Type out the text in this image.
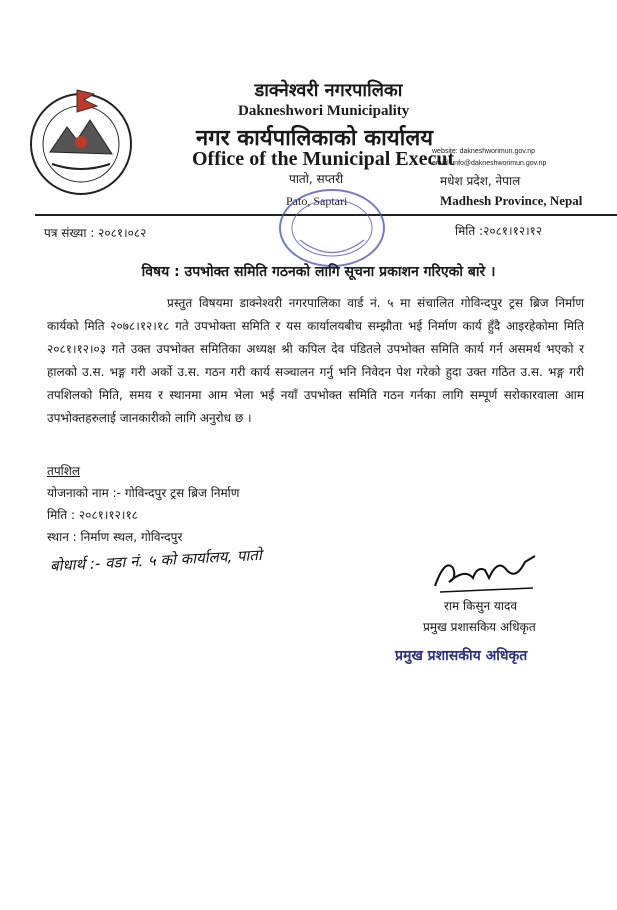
डाक्नेश्वरी नगरपालिका
Dakneshwori Municipality
नगर कार्यपालिकाको कार्यालय
Office of the Municipal Execut
website: dakneshworimun.gov.np
email :info@dakneshworimun.gov.np
पातो, सप्तरी
Pato, Saptari
मधेश प्रदेश, नेपाल
Madhesh Province, Nepal
पत्र संख्या : २०८१।०८२	मिति :२०८१।१२।१२
विषय : उपभोक्त समिति गठनको लागि सूचना प्रकाशन गरिएको बारे ।
प्रस्तुत विषयमा डाक्नेश्वरी नगरपालिका वार्ड नं. ५ मा संचालित गोविन्दपुर ट्रस ब्रिज निर्माण कार्यको मिति २०७८।१२।१८ गते उपभोक्ता समिति र यस कार्यालयबीच सम्झौता भई निर्माण कार्य हुँदै आइरहेकोमा मिति २०८१।१२।०३ गते उक्त उपभोक्त समितिका अध्यक्ष श्री कपिल देव पंडितले उपभोक्त समिति कार्य गर्न असमर्थ भएको र हालको उ.स. भङ्ग गरी अर्को उ.स. गठन गरी कार्य सञ्चालन गर्नु भनि निवेदन पेश गरेको हुदा उक्त गठित उ.स. भङ्ग गरी तपशिलको मिति, समय र स्थानमा आम भेला भई नयाँ उपभोक्त समिति गठन गर्नका लागि सम्पूर्ण सरोकारवाला आम उपभोक्तहरुलाई जानकारीको लागि अनुरोध छ ।
तपशिल
योजनाको नाम :- गोविन्दपुर ट्रस ब्रिज निर्माण
मिति : २०८१।१२।१८
स्थान : निर्माण स्थल, गोविन्दपुर
बोधार्थ :- वडा नं. ५ को कार्यालय, पातो
राम किसुन यादव
प्रमुख प्रशासकिय अधिकृत
प्रमुख प्रशासकीय अधिकृत
